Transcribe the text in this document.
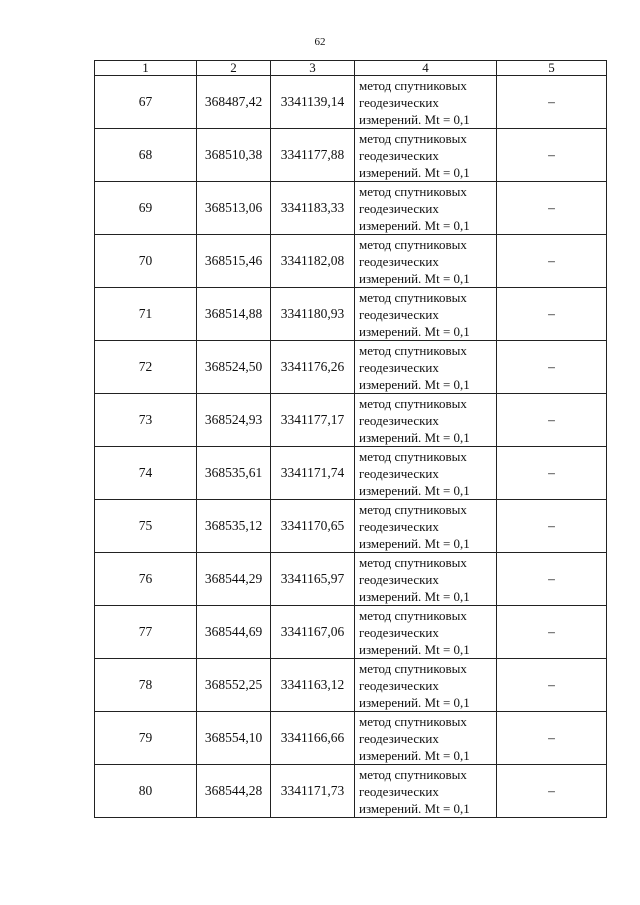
62
1	2	3	4	5
67	368487,42	3341139,14	метод спутниковых
геодезических
измерений. Mt = 0,1	–
68	368510,38	3341177,88	метод спутниковых
геодезических
измерений. Mt = 0,1	–
69	368513,06	3341183,33	метод спутниковых
геодезических
измерений. Mt = 0,1	–
70	368515,46	3341182,08	метод спутниковых
геодезических
измерений. Mt = 0,1	–
71	368514,88	3341180,93	метод спутниковых
геодезических
измерений. Mt = 0,1	–
72	368524,50	3341176,26	метод спутниковых
геодезических
измерений. Mt = 0,1	–
73	368524,93	3341177,17	метод спутниковых
геодезических
измерений. Mt = 0,1	–
74	368535,61	3341171,74	метод спутниковых
геодезических
измерений. Mt = 0,1	–
75	368535,12	3341170,65	метод спутниковых
геодезических
измерений. Mt = 0,1	–
76	368544,29	3341165,97	метод спутниковых
геодезических
измерений. Mt = 0,1	–
77	368544,69	3341167,06	метод спутниковых
геодезических
измерений. Mt = 0,1	–
78	368552,25	3341163,12	метод спутниковых
геодезических
измерений. Mt = 0,1	–
79	368554,10	3341166,66	метод спутниковых
геодезических
измерений. Mt = 0,1	–
80	368544,28	3341171,73	метод спутниковых
геодезических
измерений. Mt = 0,1	–
